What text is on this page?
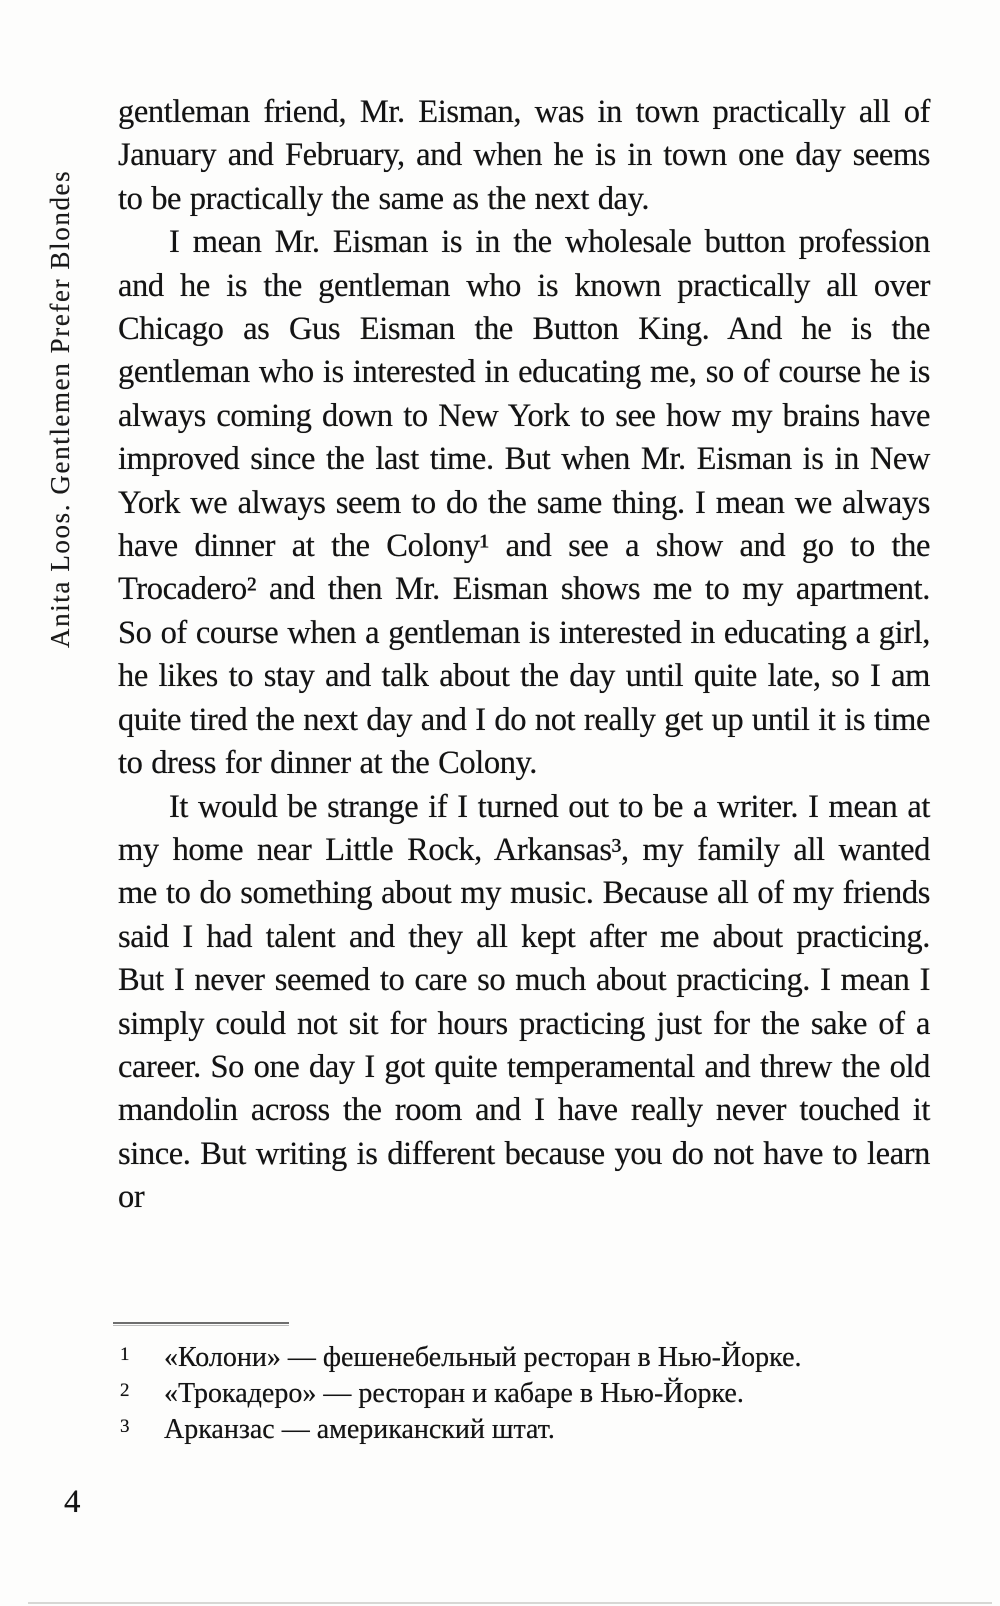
Anita Loos. Gentlemen Prefer Blondes

gentleman friend, Mr. Eisman, was in town practically all of January and February, and when he is in town one day seems to be practically the same as the next day.

I mean Mr. Eisman is in the wholesale button profession and he is the gentleman who is known practically all over Chicago as Gus Eisman the Button King. And he is the gentleman who is interested in educating me, so of course he is always coming down to New York to see how my brains have improved since the last time. But when Mr. Eisman is in New York we always seem to do the same thing. I mean we always have dinner at the Colony¹ and see a show and go to the Trocadero² and then Mr. Eisman shows me to my apartment. So of course when a gentleman is interested in educating a girl, he likes to stay and talk about the day until quite late, so I am quite tired the next day and I do not really get up until it is time to dress for dinner at the Colony.

It would be strange if I turned out to be a writer. I mean at my home near Little Rock, Arkansas³, my family all wanted me to do something about my music. Because all of my friends said I had talent and they all kept after me about practicing. But I never seemed to care so much about practicing. I mean I simply could not sit for hours practicing just for the sake of a career. So one day I got quite temperamental and threw the old mandolin across the room and I have really never touched it since. But writing is different because you do not have to learn or

1	«Колони» — фешенебельный ресторан в Нью-Йорке.
2	«Трокадеро» — ресторан и кабаре в Нью-Йорке.
3	Арканзас — американский штат.
4
